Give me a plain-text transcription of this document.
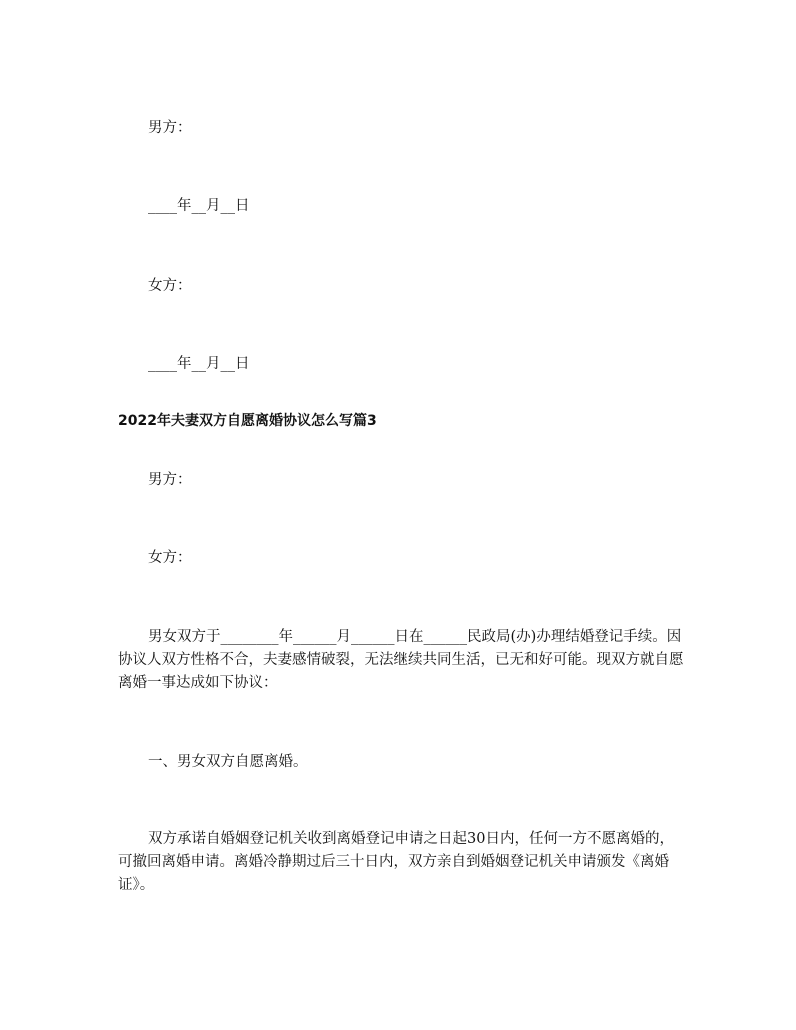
男方：

____年__月__日

女方：

____年__月__日

2022年夫妻双方自愿离婚协议怎么写篇3

男方：

女方：

男女双方于________年______月______日在______民政局(办)办理结婚登记手续。因协议人双方性格不合，夫妻感情破裂，无法继续共同生活，已无和好可能。现双方就自愿离婚一事达成如下协议：

一、男女双方自愿离婚。

双方承诺自婚姻登记机关收到离婚登记申请之日起30日内，任何一方不愿离婚的，可撤回离婚申请。离婚冷静期过后三十日内，双方亲自到婚姻登记机关申请颁发《离婚证》。
